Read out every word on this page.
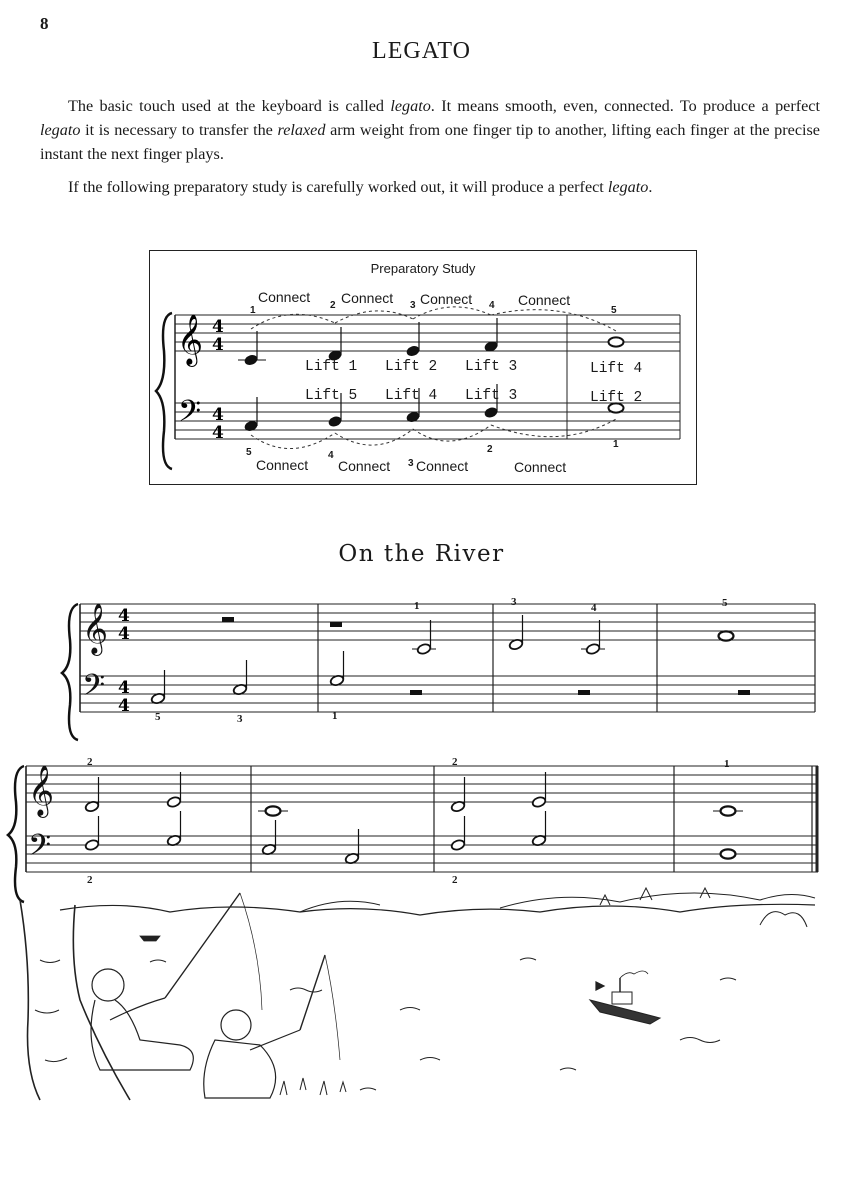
8
LEGATO
The basic touch used at the keyboard is called legato. It means smooth, even, connected. To produce a perfect legato it is necessary to transfer the relaxed arm weight from one finger tip to another, lifting each finger at the precise instant the next finger plays.
If the following preparatory study is carefully worked out, it will produce a perfect legato.
Preparatory Study
𝄞
𝄢
4
4
4
4
Connect Connect Connect	Connect
1	2	3	4	5
Lift 1 Lift 2 Lift 3	Lift 4
Lift 5 Lift 4 Lift 3	Lift 2
5	4
3
2	1
Connect Connect Connect	Connect
On the River
𝄞
𝄢
4
4
4
4
𝄞
𝄢
1	3	4	5
5	3	1
2	2	1
2	2
